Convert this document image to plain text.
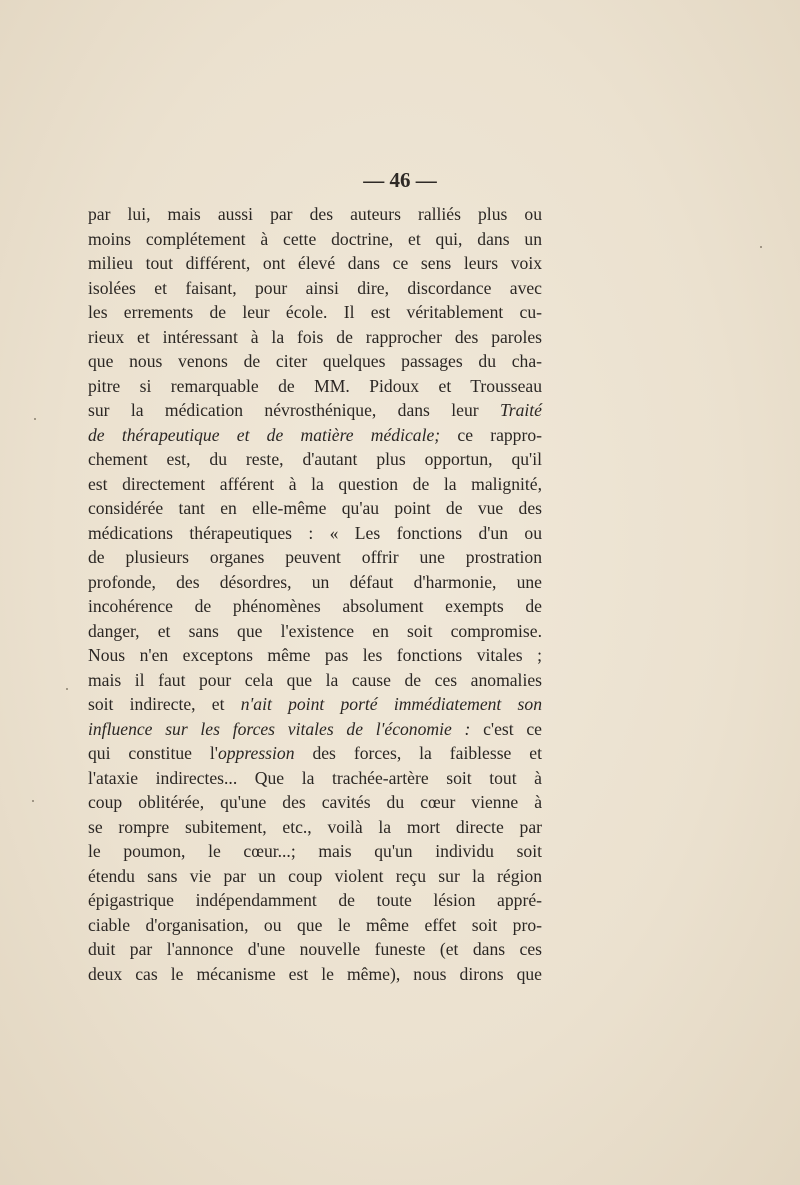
— 46 —
par lui, mais aussi par des auteurs ralliés plus ou
moins complétement à cette doctrine, et qui, dans un
milieu tout différent, ont élevé dans ce sens leurs voix
isolées et faisant, pour ainsi dire, discordance avec
les errements de leur école. Il est véritablement cu-
rieux et intéressant à la fois de rapprocher des paroles
que nous venons de citer quelques passages du cha-
pitre si remarquable de MM. Pidoux et Trousseau
sur la médication névrosthénique, dans leur Traité
de thérapeutique et de matière médicale; ce rappro-
chement est, du reste, d'autant plus opportun, qu'il
est directement afférent à la question de la malignité,
considérée tant en elle-même qu'au point de vue des
médications thérapeutiques : « Les fonctions d'un ou
de plusieurs organes peuvent offrir une prostration
profonde, des désordres, un défaut d'harmonie, une
incohérence de phénomènes absolument exempts de
danger, et sans que l'existence en soit compromise.
Nous n'en exceptons même pas les fonctions vitales ;
mais il faut pour cela que la cause de ces anomalies
soit indirecte, et n'ait point porté immédiatement son
influence sur les forces vitales de l'économie : c'est ce
qui constitue l'oppression des forces, la faiblesse et
l'ataxie indirectes... Que la trachée-artère soit tout à
coup oblitérée, qu'une des cavités du cœur vienne à
se rompre subitement, etc., voilà la mort directe par
le poumon, le cœur...; mais qu'un individu soit
étendu sans vie par un coup violent reçu sur la région
épigastrique indépendamment de toute lésion appré-
ciable d'organisation, ou que le même effet soit pro-
duit par l'annonce d'une nouvelle funeste (et dans ces
deux cas le mécanisme est le même), nous dirons que
